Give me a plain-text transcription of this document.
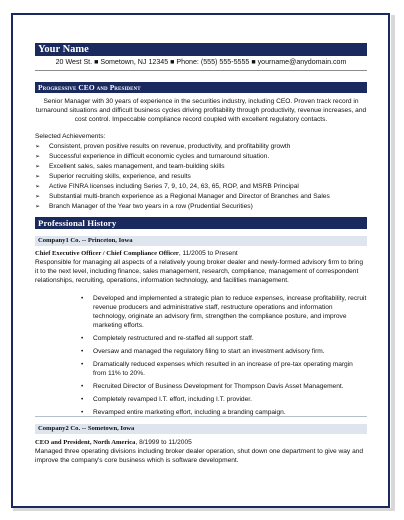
Your Name
20 West St. ■ Sometown, NJ 12345 ■ Phone: (555) 555-5555 ■ yourname@anydomain.com
Progressive CEO and President
Senior Manager with 30 years of experience in the securities industry, including CEO. Proven track record in turnaround situations and difficult business cycles driving profitability through productivity, revenue increases, and cost control. Impeccable compliance record coupled with excellent regulatory contacts.
Selected Achievements:
➢ Consistent, proven positive results on revenue, productivity, and profitability growth
➢ Successful experience in difficult economic cycles and turnaround situation.
➢ Excellent sales, sales management, and team-building skills
➢ Superior recruiting skills, experience, and results
➢ Active FINRA licenses including Series 7, 9, 10, 24, 63, 65, ROP, and MSRB Principal
➢ Substantial multi-branch experience as a Regional Manager and Director of Branches and Sales
➢ Branch Manager of the Year two years in a row (Prudential Securities)
Professional History
Company1 Co. -- Princeton, Iowa
Chief Executive Officer / Chief Compliance Officer, 11/2005 to Present
Responsible for managing all aspects of a relatively young broker dealer and newly-formed advisory firm to bring it to the next level, including finance, sales management, research, compliance, management of correspondent relationships, recruiting, operations, information technology, and facilities management.
• Developed and implemented a strategic plan to reduce expenses, increase profitability, recruit revenue producers and administrative staff, restructure operations and information technology, originate an advisory firm, strengthen the compliance posture, and improve marketing efforts.
• Completely restructured and re-staffed all support staff.
• Oversaw and managed the regulatory filing to start an investment advisory firm.
• Dramatically reduced expenses which resulted in an increase of pre-tax operating margin from 11% to 20%.
• Recruited Director of Business Development for Thompson Davis Asset Management.
• Completely revamped I.T. effort, including I.T. provider.
• Revamped entire marketing effort, including a branding campaign.
Company2 Co. -- Sometown, Iowa
CEO and President, North America, 8/1999 to 11/2005
Managed three operating divisions including broker dealer operation, shut down one department to give way and improve the company's core business which is software development.
